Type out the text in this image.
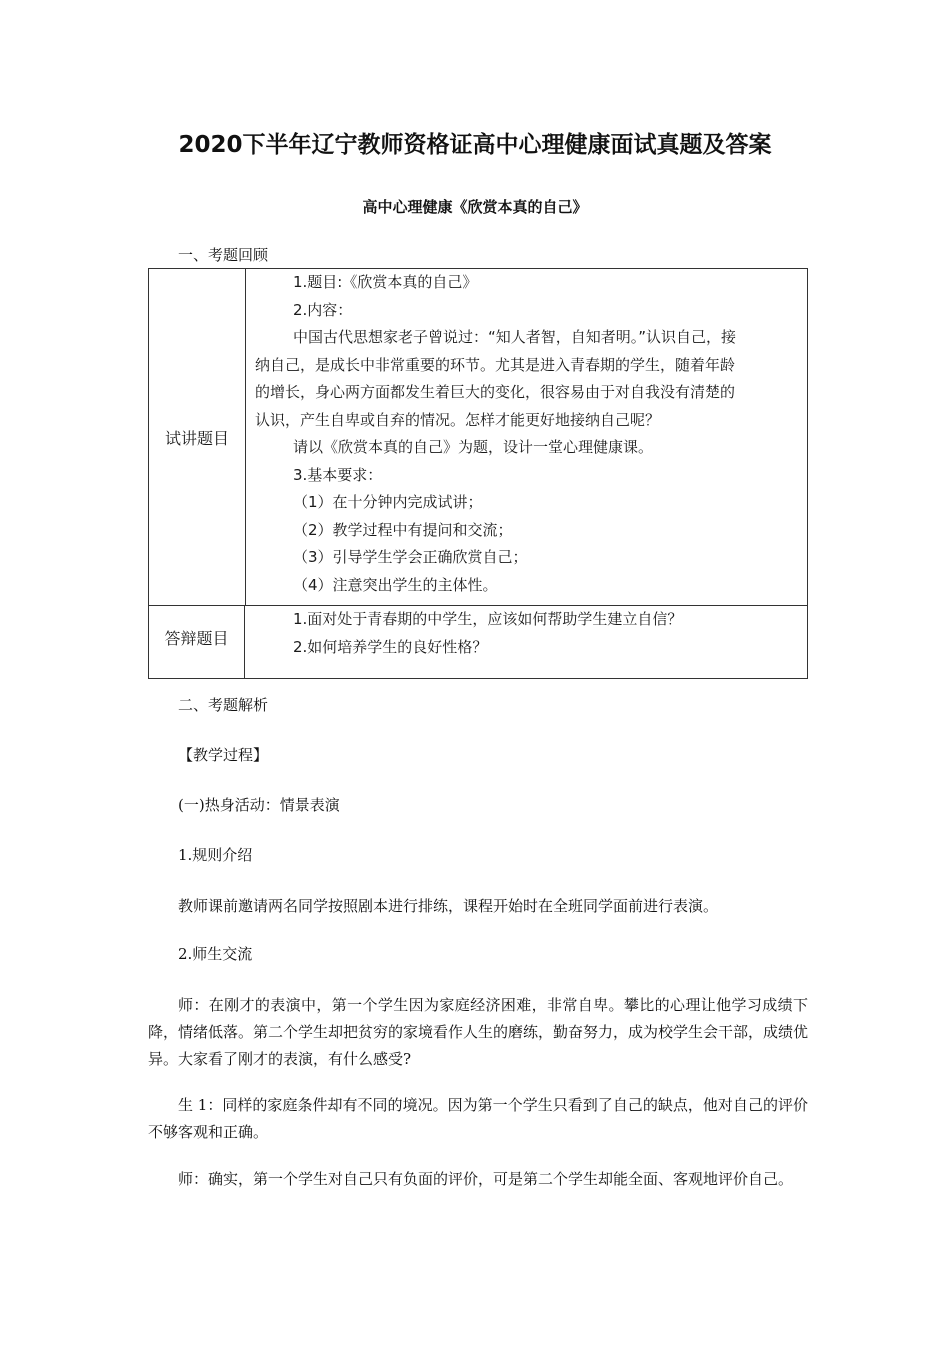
2020下半年辽宁教师资格证高中心理健康面试真题及答案
高中心理健康《欣赏本真的自己》

一、考题回顾

试讲题目
1.题目:《欣赏本真的自己》
2.内容：
中国古代思想家老子曾说过：“知人者智，自知者明。”认识自己，接
纳自己，是成长中非常重要的环节。尤其是进入青春期的学生，随着年龄
的增长，身心两方面都发生着巨大的变化，很容易由于对自我没有清楚的
认识，产生自卑或自弃的情况。怎样才能更好地接纳自己呢？
请以《欣赏本真的自己》为题，设计一堂心理健康课。
3.基本要求：
（1）在十分钟内完成试讲；
（2）教学过程中有提问和交流；
（3）引导学生学会正确欣赏自己；
（4）注意突出学生的主体性。
答辩题目
1.面对处于青春期的中学生，应该如何帮助学生建立自信？
2.如何培养学生的良好性格？

二、考题解析

【教学过程】

(一)热身活动：情景表演

1.规则介绍

教师课前邀请两名同学按照剧本进行排练，课程开始时在全班同学面前进行表演。

2.师生交流

师：在刚才的表演中，第一个学生因为家庭经济困难，非常自卑。攀比的心理让他学习成绩下降，情绪低落。第二个学生却把贫穷的家境看作人生的磨练，勤奋努力，成为校学生会干部，成绩优异。大家看了刚才的表演，有什么感受?

生 1：同样的家庭条件却有不同的境况。因为第一个学生只看到了自己的缺点，他对自己的评价不够客观和正确。

师：确实，第一个学生对自己只有负面的评价，可是第二个学生却能全面、客观地评价自己。
